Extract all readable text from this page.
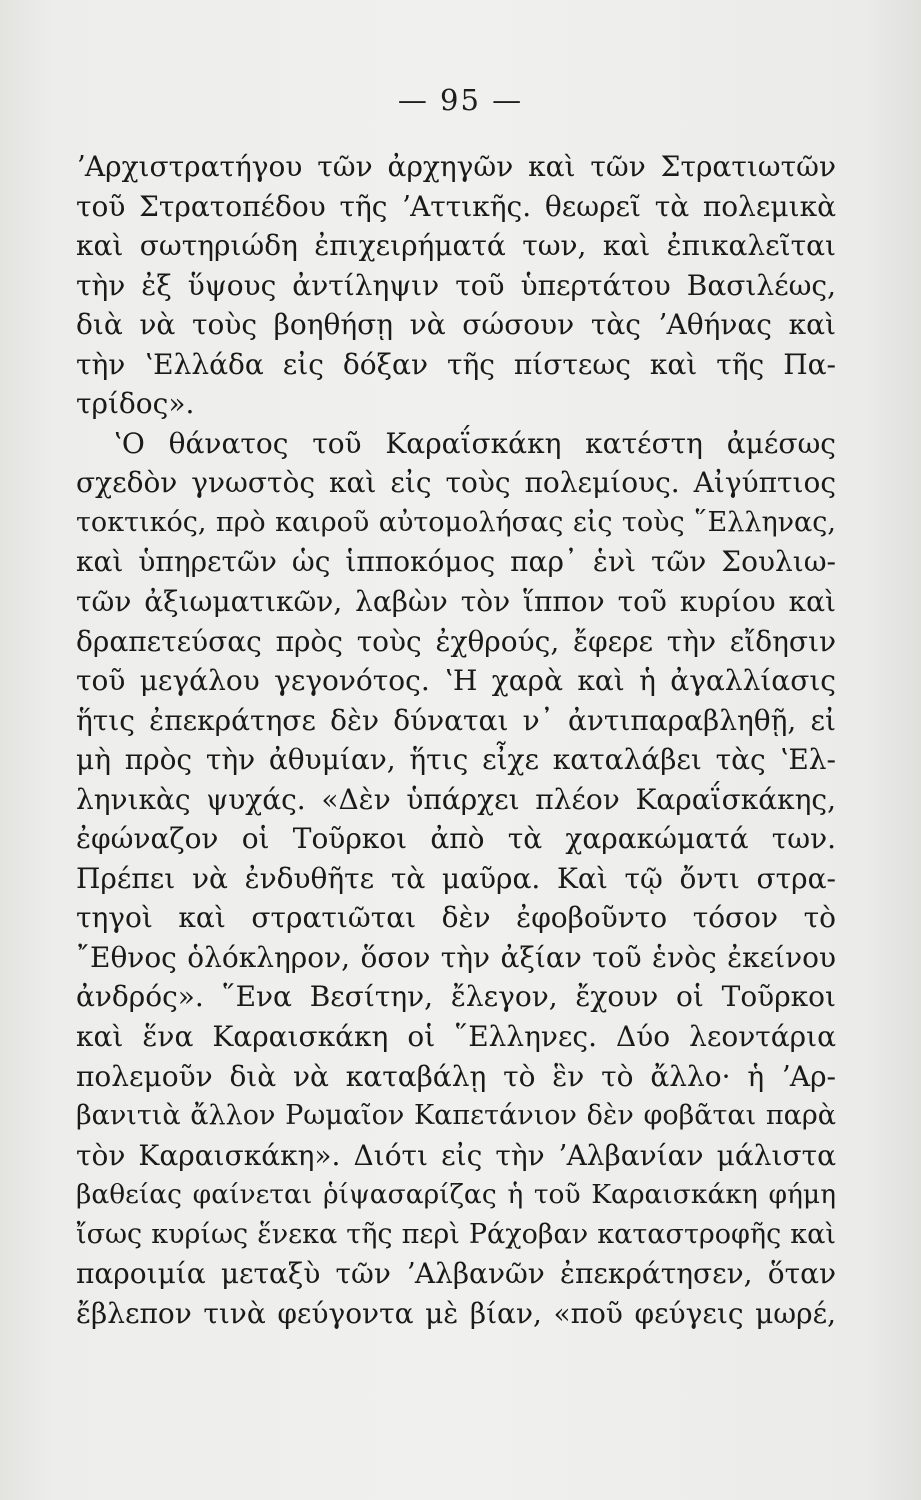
— 95 —
ʼΑρχιστρατήγου τῶν ἀρχηγῶν καὶ τῶν Στρατιωτῶν
τοῦ Στρατοπέδου τῆς ʼΑττικῆς. θεωρεῖ τὰ πολεμικὰ
καὶ σωτηριώδη ἐπιχειρήματά των, καὶ ἐπικαλεῖται
τὴν ἐξ ὕψους ἀντίληψιν τοῦ ὑπερτάτου Βασιλέως,
διὰ νὰ τοὺς βοηθήσῃ νὰ σώσουν τὰς ʼΑθήνας καὶ
τὴν ʽΕλλάδα εἰς δόξαν τῆς πίστεως καὶ τῆς Πα-
τρίδος».
ʽΟ θάνατος τοῦ Καραΐσκάκη κατέστη ἀμέσως
σχεδὸν γνωστὸς καὶ εἰς τοὺς πολεμίους. Αἰγύπτιος
τοκτικός, πρὸ καιροῦ αὐτομολήσας εἰς τοὺς ῞Ελληνας,
καὶ ὑπηρετῶν ὡς ἱπποκόμος παρ᾽ ἑνὶ τῶν Σουλιω-
τῶν ἀξιωματικῶν, λαβὼν τὸν ἵππον τοῦ κυρίου καὶ
δραπετεύσας πρὸς τοὺς ἐχθρούς, ἔφερε τὴν εἴδησιν
τοῦ μεγάλου γεγονότος. ʽΗ χαρὰ καὶ ἡ ἀγαλλίασις
ἥτις ἐπεκράτησε δὲν δύναται ν᾽ ἀντιπαραβληθῇ, εἰ
μὴ πρὸς τὴν ἀθυμίαν, ἥτις εἶχε καταλάβει τὰς ʽΕλ-
ληνικὰς ψυχάς. «Δὲν ὑπάρχει πλέον Καραΐσκάκης,
ἐφώναζον οἱ Τοῦρκοι ἀπὸ τὰ χαρακώματά των.
Πρέπει νὰ ἐνδυθῆτε τὰ μαῦρα. Καὶ τῷ ὄντι στρα-
τηγοὶ καὶ στρατιῶται δὲν ἐφοβοῦντο τόσον τὸ
῎Εθνος ὁλόκληρον, ὅσον τὴν ἀξίαν τοῦ ἑνὸς ἐκείνου
ἀνδρός». ῞Ενα Βεσίτην, ἔλεγον, ἔχουν οἱ Τοῦρκοι
καὶ ἕνα Καραισκάκη οἱ ῞Ελληνες. Δύο λεοντάρια
πολεμοῦν διὰ νὰ καταβάλῃ τὸ ἓν τὸ ἄλλο· ἡ ʼΑρ-
βανιτιὰ ἄλλον Ρωμαῖον Καπετάνιον δὲν φοβᾶται παρὰ
τὸν Καραισκάκη». Διότι εἰς τὴν ʼΑλβανίαν μάλιστα
βαθείας φαίνεται ῥίψασαρίζας ἡ τοῦ Καραισκάκη φήμη
ἴσως κυρίως ἕνεκα τῆς περὶ Ράχοβαν καταστροφῆς καὶ
παροιμία μεταξὺ τῶν ʼΑλβανῶν ἐπεκράτησεν, ὅταν
ἔβλεπον τινὰ φεύγοντα μὲ βίαν, «ποῦ φεύγεις μωρέ,
